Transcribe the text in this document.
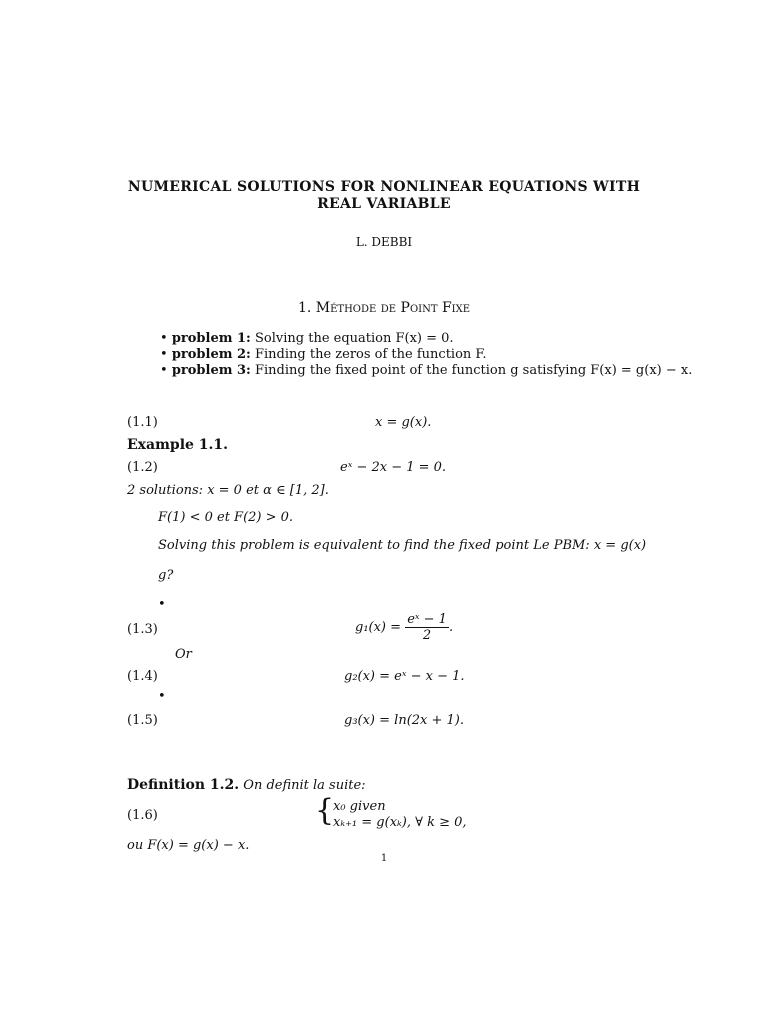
NUMERICAL SOLUTIONS FOR NONLINEAR EQUATIONS WITH
REAL VARIABLE
L. DEBBI
1. Méthode de Point Fixe
• problem 1: Solving the equation F(x) = 0.
• problem 2: Finding the zeros of the function F.
• problem 3: Finding the fixed point of the function g satisfying F(x) = g(x) − x.
(1.1)	x = g(x).
Example 1.1.
(1.2)	eˣ − 2x − 1 = 0.
2 solutions: x = 0 et α ∈ [1, 2].
F(1) < 0 et F(2) > 0.
Solving this problem is equivalent to find the fixed point Le PBM: x = g(x)
g?
•
(1.3)	$g_1(x) = \frac{\text{eˣ − 1}}{2}$ .
Or
(1.4)	g₂(x) = eˣ − x − 1.
•
(1.5)	g₃(x) = ln(2x + 1).
Definition 1.2. On definit la suite:
(1.6)	{
x₀ given
xₖ₊₁ = g(xₖ), ∀ k ≥ 0,
ou F(x) = g(x) − x.
1
